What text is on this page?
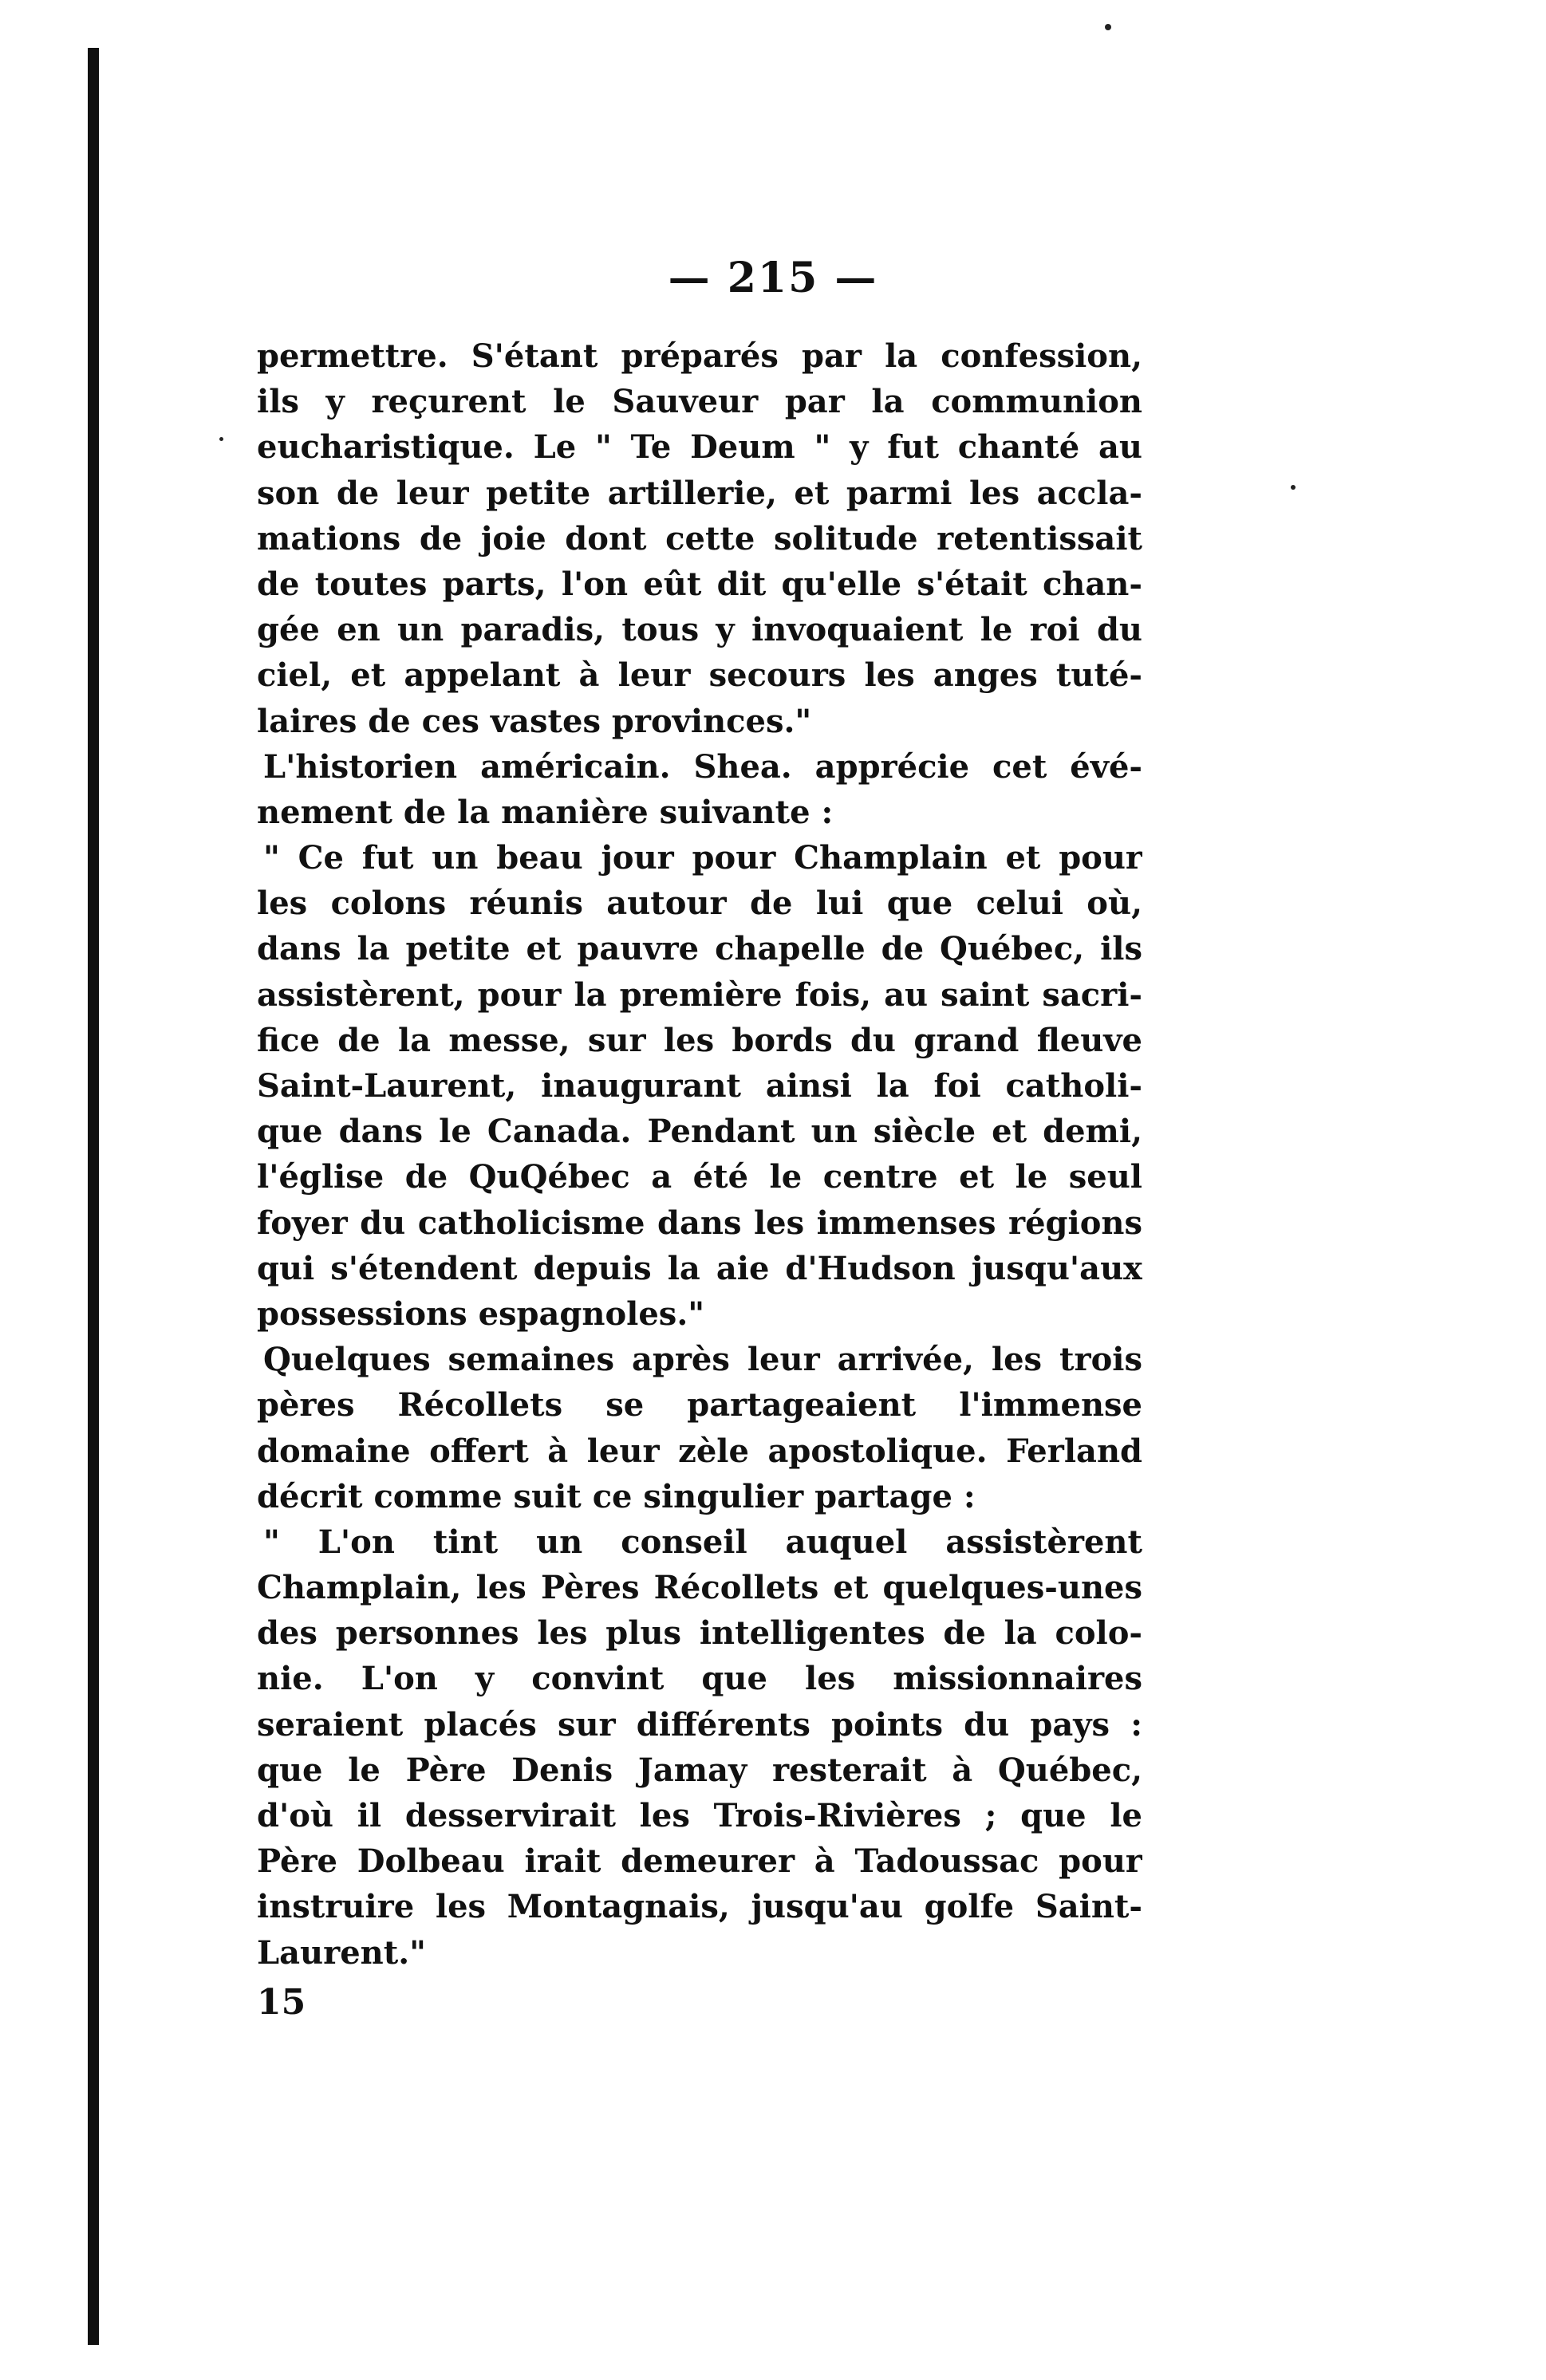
— 215 —
permettre. S'étant préparés par la confession,
ils y reçurent le Sauveur par la communion
eucharistique. Le " Te Deum " y fut chanté au
son de leur petite artillerie, et parmi les accla-
mations de joie dont cette solitude retentissait
de toutes parts, l'on eût dit qu'elle s'était chan-
gée en un paradis, tous y invoquaient le roi du
ciel, et appelant à leur secours les anges tuté-
laires de ces vastes provinces."
L'historien américain. Shea. apprécie cet évé-
nement de la manière suivante :
" Ce fut un beau jour pour Champlain et pour
les colons réunis autour de lui que celui où,
dans la petite et pauvre chapelle de Québec, ils
assistèrent, pour la première fois, au saint sacri-
fice de la messe, sur les bords du grand fleuve
Saint-Laurent, inaugurant ainsi la foi catholi-
que dans le Canada. Pendant un siècle et demi,
l'église de QuQébec a été le centre et le seul
foyer du catholicisme dans les immenses régions
qui s'étendent depuis la aie d'Hudson jusqu'aux
possessions espagnoles."
Quelques semaines après leur arrivée, les trois
pères Récollets se partageaient l'immense
domaine offert à leur zèle apostolique. Ferland
décrit comme suit ce singulier partage :
" L'on tint un conseil auquel assistèrent
Champlain, les Pères Récollets et quelques-unes
des personnes les plus intelligentes de la colo-
nie. L'on y convint que les missionnaires
seraient placés sur différents points du pays :
que le Père Denis Jamay resterait à Québec,
d'où il desservirait les Trois-Rivières ; que le
Père Dolbeau irait demeurer à Tadoussac pour
instruire les Montagnais, jusqu'au golfe Saint-
Laurent."
15
